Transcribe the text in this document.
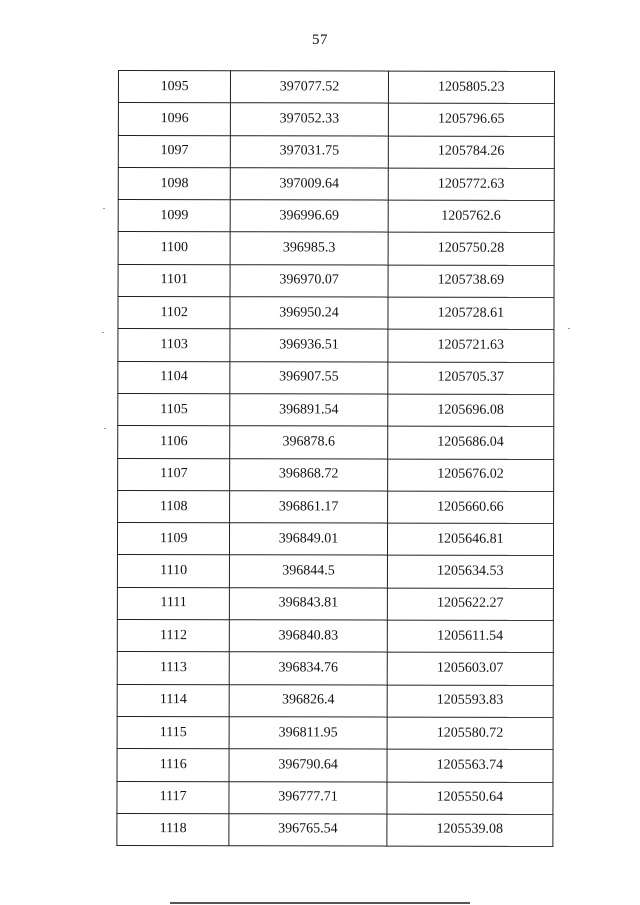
57
1095	397077.52	1205805.23
1096	397052.33	1205796.65
1097	397031.75	1205784.26
1098	397009.64	1205772.63
1099	396996.69	1205762.6
1100	396985.3	1205750.28
1101	396970.07	1205738.69
1102	396950.24	1205728.61
1103	396936.51	1205721.63
1104	396907.55	1205705.37
1105	396891.54	1205696.08
1106	396878.6	1205686.04
1107	396868.72	1205676.02
1108	396861.17	1205660.66
1109	396849.01	1205646.81
1110	396844.5	1205634.53
1111	396843.81	1205622.27
1112	396840.83	1205611.54
1113	396834.76	1205603.07
1114	396826.4	1205593.83
1115	396811.95	1205580.72
1116	396790.64	1205563.74
1117	396777.71	1205550.64
1118	396765.54	1205539.08
